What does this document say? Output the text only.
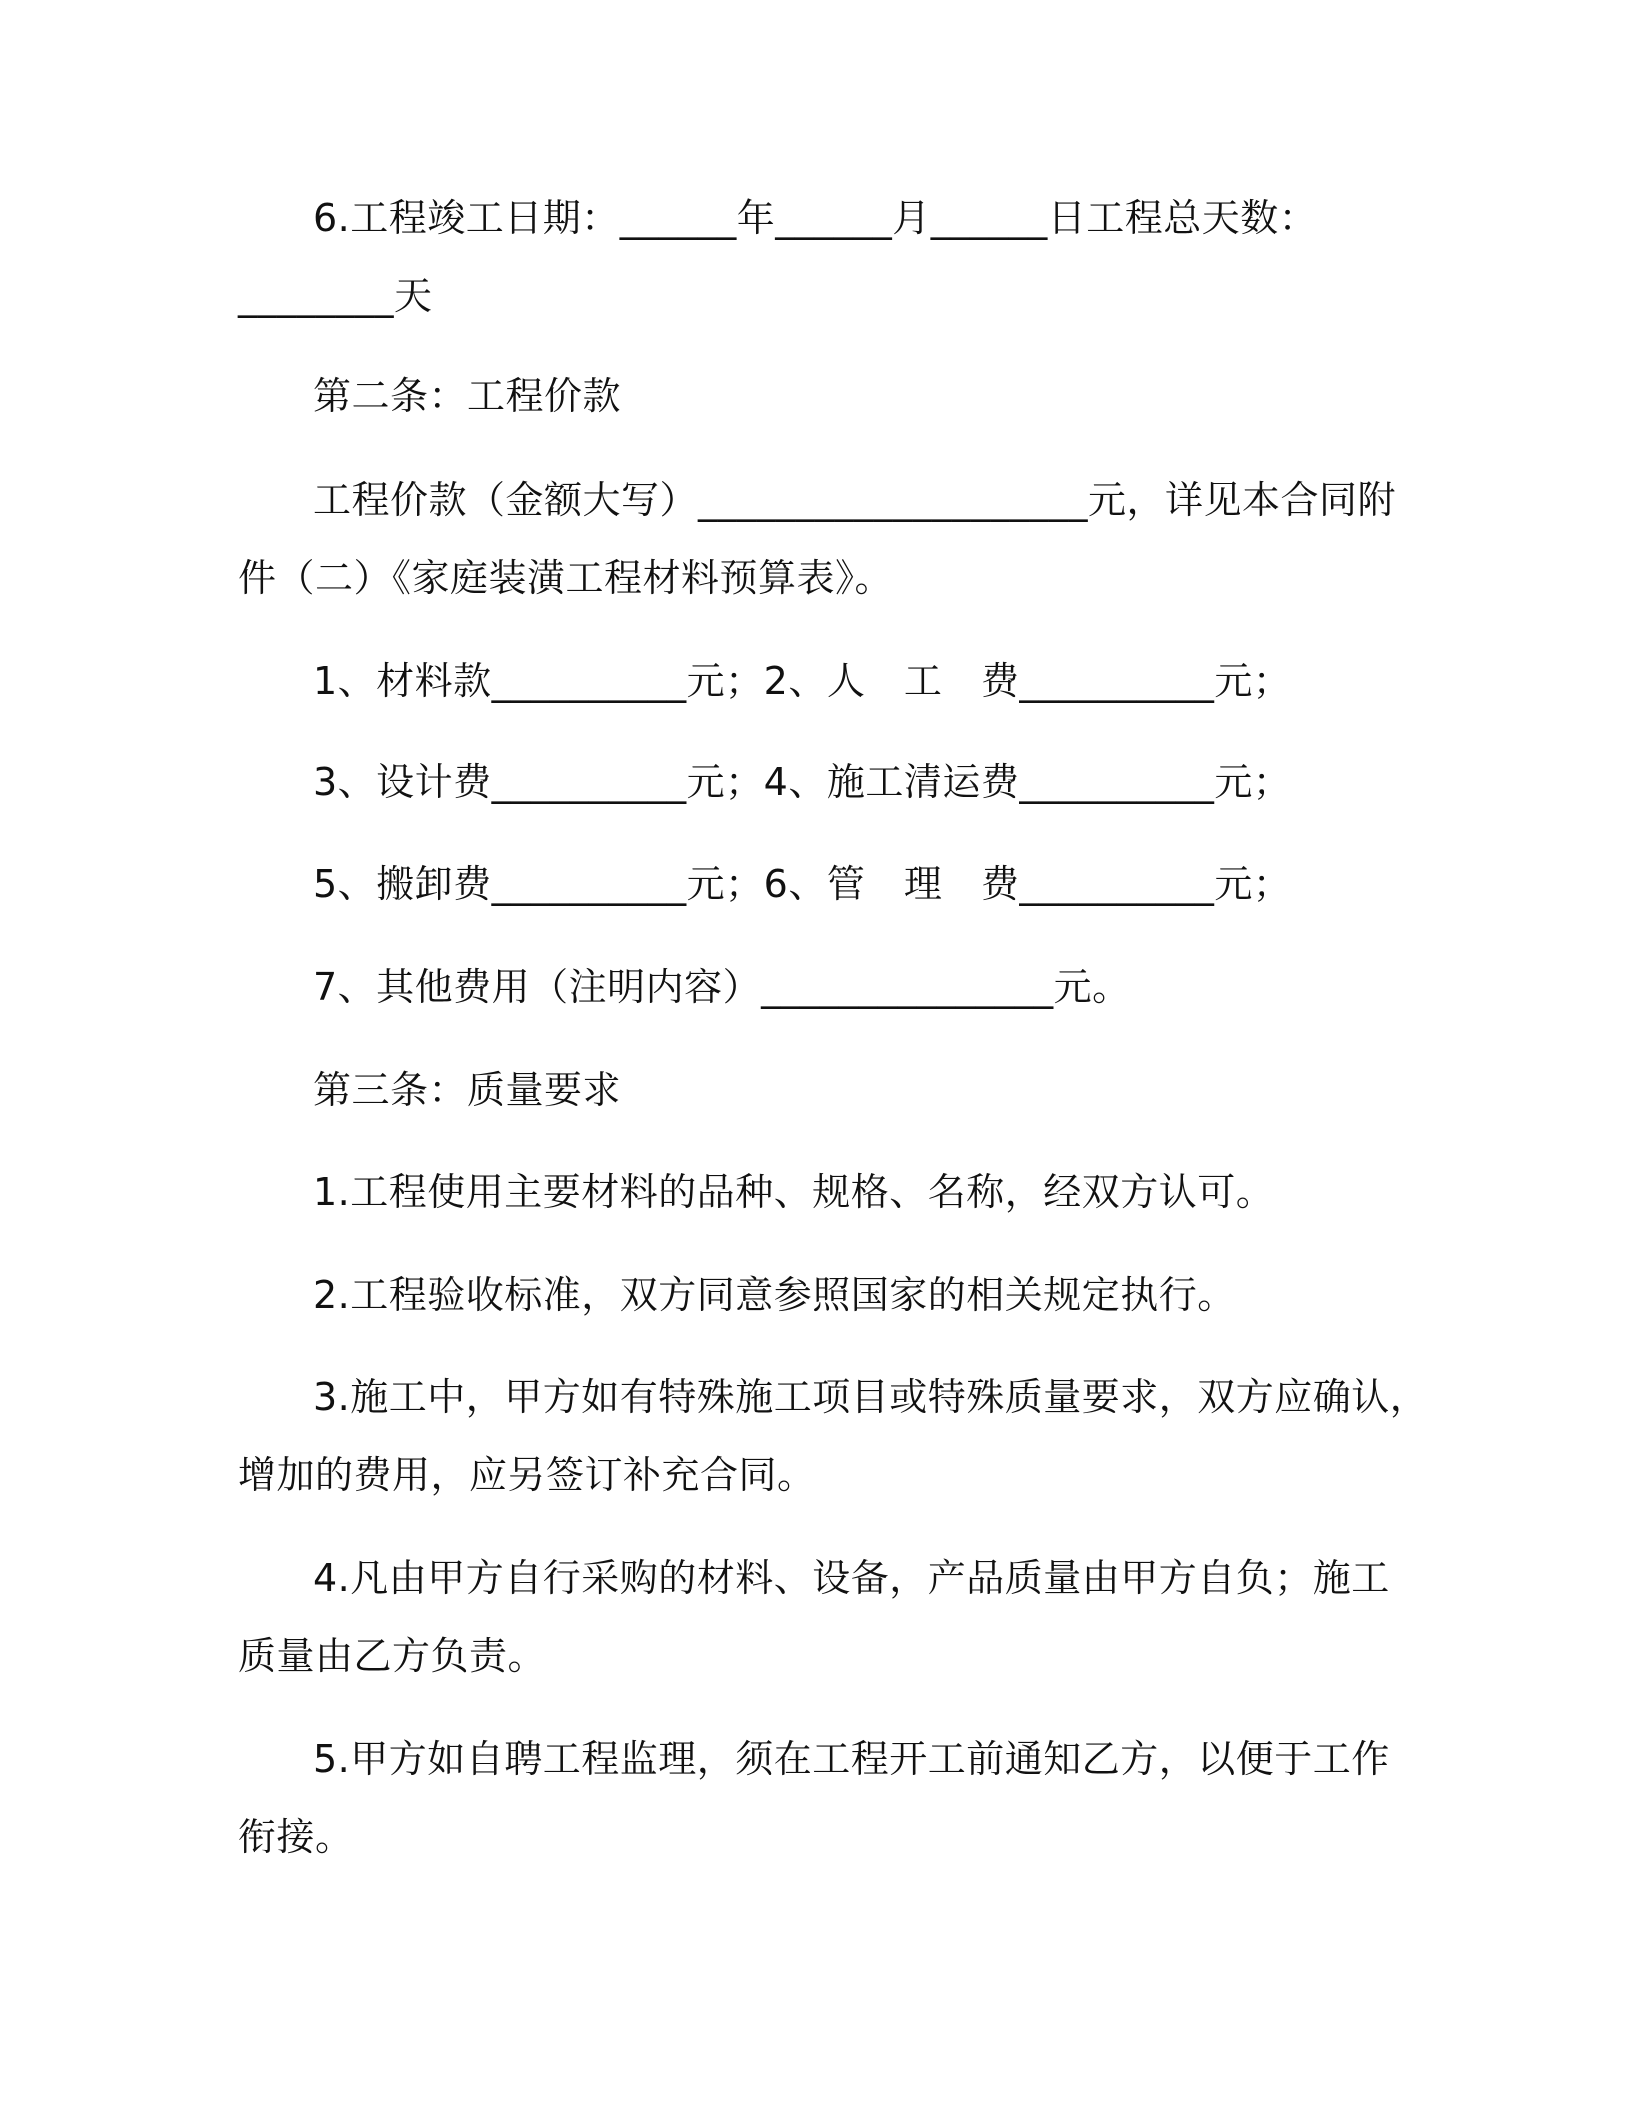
6.工程竣工日期：______年______月______日工程总天数：
________天
第二条：工程价款
工程价款（金额大写）____________________元，详见本合同附
件（二）《家庭装潢工程材料预算表》。
1、材料款__________元；2、人　工　费__________元；
3、设计费__________元；4、施工清运费__________元；
5、搬卸费__________元；6、管　理　费__________元；
7、其他费用（注明内容）_______________元。
第三条：质量要求
1.工程使用主要材料的品种、规格、名称，经双方认可。
2.工程验收标准，双方同意参照国家的相关规定执行。
3.施工中，甲方如有特殊施工项目或特殊质量要求，双方应确认，
增加的费用，应另签订补充合同。
4.凡由甲方自行采购的材料、设备，产品质量由甲方自负；施工
质量由乙方负责。
5.甲方如自聘工程监理，须在工程开工前通知乙方，以便于工作
衔接。
